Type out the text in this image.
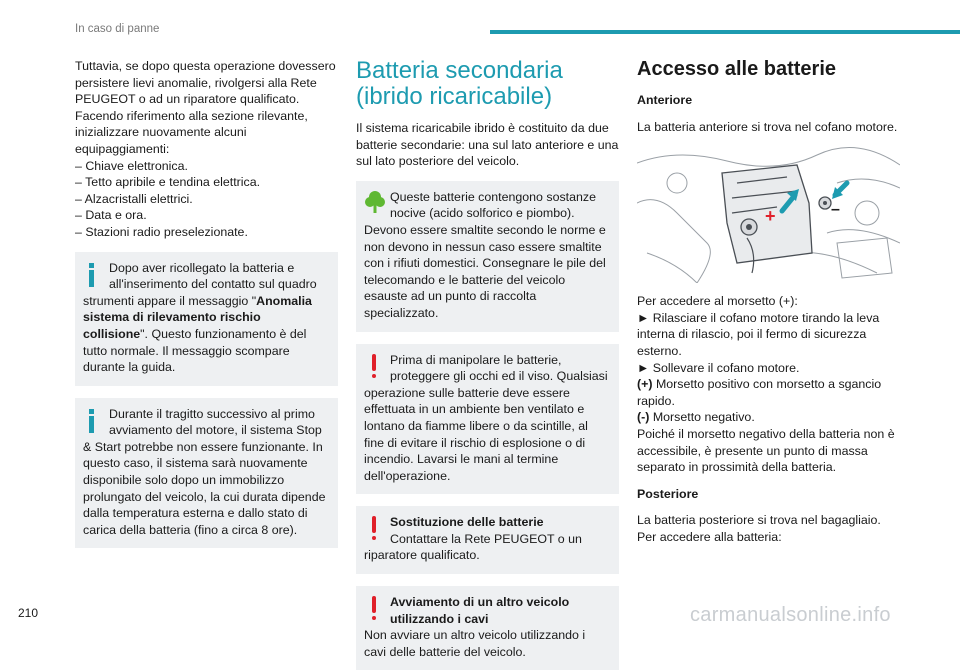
In caso di panne

Tuttavia, se dopo questa operazione dovessero persistere lievi anomalie, rivolgersi alla Rete PEUGEOT o ad un riparatore qualificato.

Facendo riferimento alla sezione rilevante, inizializzare nuovamente alcuni equipaggiamenti:

– Chiave elettronica.

– Tetto apribile e tendina elettrica.

– Alzacristalli elettrici.

– Data e ora.

– Stazioni radio preselezionate.

Dopo aver ricollegato la batteria e all'inserimento del contatto sul quadro strumenti appare il messaggio "Anomalia sistema di rilevamento rischio collisione". Questo funzionamento è del tutto normale. Il messaggio scompare durante la guida.

Durante il tragitto successivo al primo avviamento del motore, il sistema Stop & Start potrebbe non essere funzionante. In questo caso, il sistema sarà nuovamente disponibile solo dopo un immobilizzo prolungato del veicolo, la cui durata dipende dalla temperatura esterna e dallo stato di carica della batteria (fino a circa 8 ore).

Batteria secondaria (ibrido ricaricabile)

Il sistema ricaricabile ibrido è costituito da due batterie secondarie: una sul lato anteriore e una sul lato posteriore del veicolo.

Queste batterie contengono sostanze nocive (acido solforico e piombo). Devono essere smaltite secondo le norme e non devono in nessun caso essere smaltite con i rifiuti domestici. Consegnare le pile del telecomando e le batterie del veicolo esauste ad un punto di raccolta specializzato.

Prima di manipolare le batterie, proteggere gli occhi ed il viso. Qualsiasi operazione sulle batterie deve essere effettuata in un ambiente ben ventilato e lontano da fiamme libere o da scintille, al fine di evitare il rischio di esplosione o di incendio. Lavarsi le mani al termine dell'operazione.

Sostituzione delle batterie
Contattare la Rete PEUGEOT o un riparatore qualificato.

Avviamento di un altro veicolo utilizzando i cavi
Non avviare un altro veicolo utilizzando i cavi delle batterie del veicolo.

Accesso alle batterie
Anteriore

La batteria anteriore si trova nel cofano motore.

+	–

Per accedere al morsetto (+):

► Rilasciare il cofano motore tirando la leva interna di rilascio, poi il fermo di sicurezza esterno.

► Sollevare il cofano motore.

(+) Morsetto positivo con morsetto a sgancio rapido.

(-) Morsetto negativo.

Poiché il morsetto negativo della batteria non è accessibile, è presente un punto di massa separato in prossimità della batteria.

Posteriore

La batteria posteriore si trova nel bagagliaio.

Per accedere alla batteria:

210	carmanualsonline.info
